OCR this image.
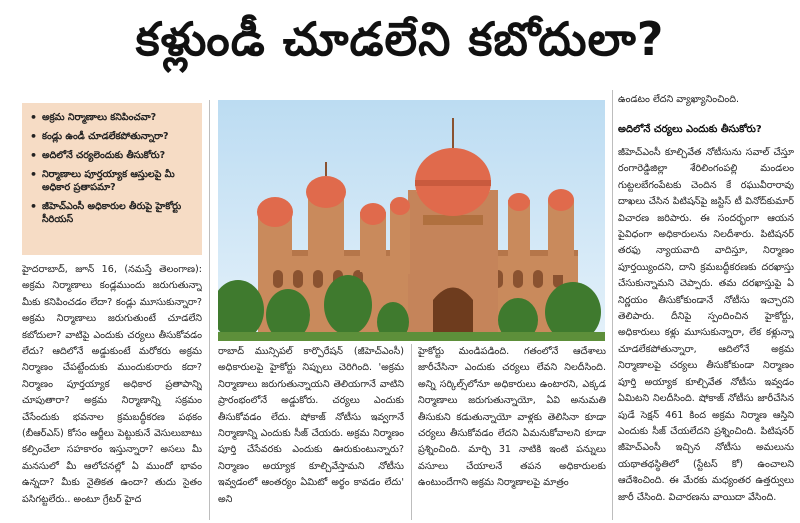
కళ్లుండీ చూడలేని కబోదులా?
• అక్రమ నిర్మాణాలు కనిపించవా?
• కండ్లు ఉండీ చూడలేకపోతున్నారా?
• అదిలోనే చర్యలెందుకు తీసుకోరు?
• నిర్మాణాలు పూర్తయ్యాక ఆస్తులపై మీ అధికార ప్రతాపమా?
• జీహెచ్ఎంసీ అధికారుల తీరుపై హైకోర్టు సీరియస్
హైదరాబాద్, జూన్ 16, (నమస్తే తెలంగాణ): అక్రమ నిర్మాణాలు కండ్లముందు జరుగుతున్నా మీకు కనిపించడం లేదా? కండ్లు మూసుకున్నారా? అక్రమ నిర్మాణాలు జరుగుతుంటే చూడలేని కబోదులా? వాటిపై ఎందుకు చర్యలు తీసుకోవడం లేదు? ఆదిలోనే అడ్డుకుంటే మరోకరు అక్రమ నిర్మాణం చేపట్టేందుకు ముందుకురారు కదా? నిర్మాణం పూర్తయ్యాక అధికార ప్రతాపాన్ని చూపుతారా? అక్రమ నిర్మాణాన్ని సక్రమం చేసేందుకు భవనాల క్రమబద్ధీకరణ పథకం (బీఆర్ఎస్) కోసం ఆర్జీలు పెట్టుకునే వెసులుబాటు కల్పించేలా సహకారం ఇస్తున్నారా? అసలు మీ మనసులో మీ ఆలోచనల్లో ఏ ముందో భావం ఉన్నదా? మీకు నైతికత ఉందా? తుదు సైతం పసిగట్టలేరు.. అంటూ గ్రేటర్ హైద
రాబాద్ మున్సిపల్ కార్పొరేషన్ (జీహెచ్ఎంసీ) అధికారులపై హైకోర్టు నిప్పులు చెరిగింది. 'అక్రమ నిర్మాణాలు జరుగుతున్నాయని తెలియగానే వాటిని ప్రారంభంలోనే అడ్డుకోరు. చర్యలు ఎందుకు తీసుకోవడం లేదు. షోకాజ్ నోటీసు ఇవ్వగానే నిర్మాణాన్ని ఎందుకు సీజ్ చేయరు. అక్రమ నిర్మాణం పూర్తి చేసేవరకు ఎందుకు ఊరుకుంటున్నారు? నిర్మాణం అయ్యాక కూల్చివేస్తామని నోటీసు ఇవ్వడంలో ఆంతర్యం ఏమిటో అర్థం కావడం లేదు' అని
హైకోర్టు మండిపడింది. గతంలోనే ఆదేశాలు జారీచేసినా ఎందుకు చర్యలు లేవని నిలదీసింది. అన్ని సర్కిల్స్‌లోనూ అధికారులు ఉంటారని, ఎక్కడ నిర్మాణాలు జరుగుతున్నాయో, ఏవి అనుమతి తీసుకుని కడుతున్నాయో వాళ్లకు తెలిసినా కూడా చర్యలు తీసుకోవడం లేదని ఏమనుకోవాలని కూడా ప్రశ్నించింది. మార్చి 31 నాటికి ఇంటి పన్నులు వసూలు చేయాలనే తపన అధికారులకు ఉంటుందేగాని అక్రమ నిర్మాణాలపై మాత్రం
ఉండటం లేదని వ్యాఖ్యానించింది.
అదిలోనే చర్యలు ఎందుకు తీసుకోరు?
జీహెచ్ఎంసీ కూల్చివేత నోటీసును సవాల్ చేస్తూ రంగారెడ్డిజిల్లా శేరిలింగంపల్లి మండలం గుట్టలబేగంపేటకు చెందిన కే రఘువీరారావు దాఖలు చేసిన పిటిషన్‌పై జస్టిస్ టీ వినోద్‌కుమార్ విచారణ జరిపారు. ఈ సందర్భంగా ఆయన పైవిధంగా అధికారులను నిలదీశారు. పిటిషనర్ తరఫు న్యాయవాది వాదిస్తూ, నిర్మాణం పూర్తయ్యిందని, దాని క్రమబద్ధీకరణకు దరఖాస్తు చేసుకున్నామని చెప్పారు. తమ దరఖాస్తుపై ఏ నిర్ణయం తీసుకోకుండానే నోటీసు ఇచ్చారని తెలిపారు. దీనిపై స్పందించిన హైకోర్టు, అధికారులు కళ్లు మూసుకున్నారా, లేక కళ్లున్నా చూడలేకపోతున్నారా, ఆదిలోనే అక్రమ నిర్మాణాలపై చర్యలు తీసుకోకుండా నిర్మాణం పూర్తి అయ్యాక కూల్చివేత నోటీసు ఇవ్వడం ఏమిటని నిలదీసింది. షోకాజ్ నోటీసు జారీచేసిన పుడే సెక్షన్ 461 కింద అక్రమ నిర్మాణ ఆస్తిని ఎందుకు సీజ్ చేయలేదని ప్రశ్నించింది. పిటిషనర్ జీహెచ్ఎంసీ ఇచ్చిన నోటీసు అమలును యథాతథస్థితిలో (స్టేటస్ కో) ఉంచాలని ఆదేశించింది. ఈ మేరకు మధ్యంతర ఉత్తర్వులు జారీ చేసింది. విచారణను వాయిదా వేసింది.
